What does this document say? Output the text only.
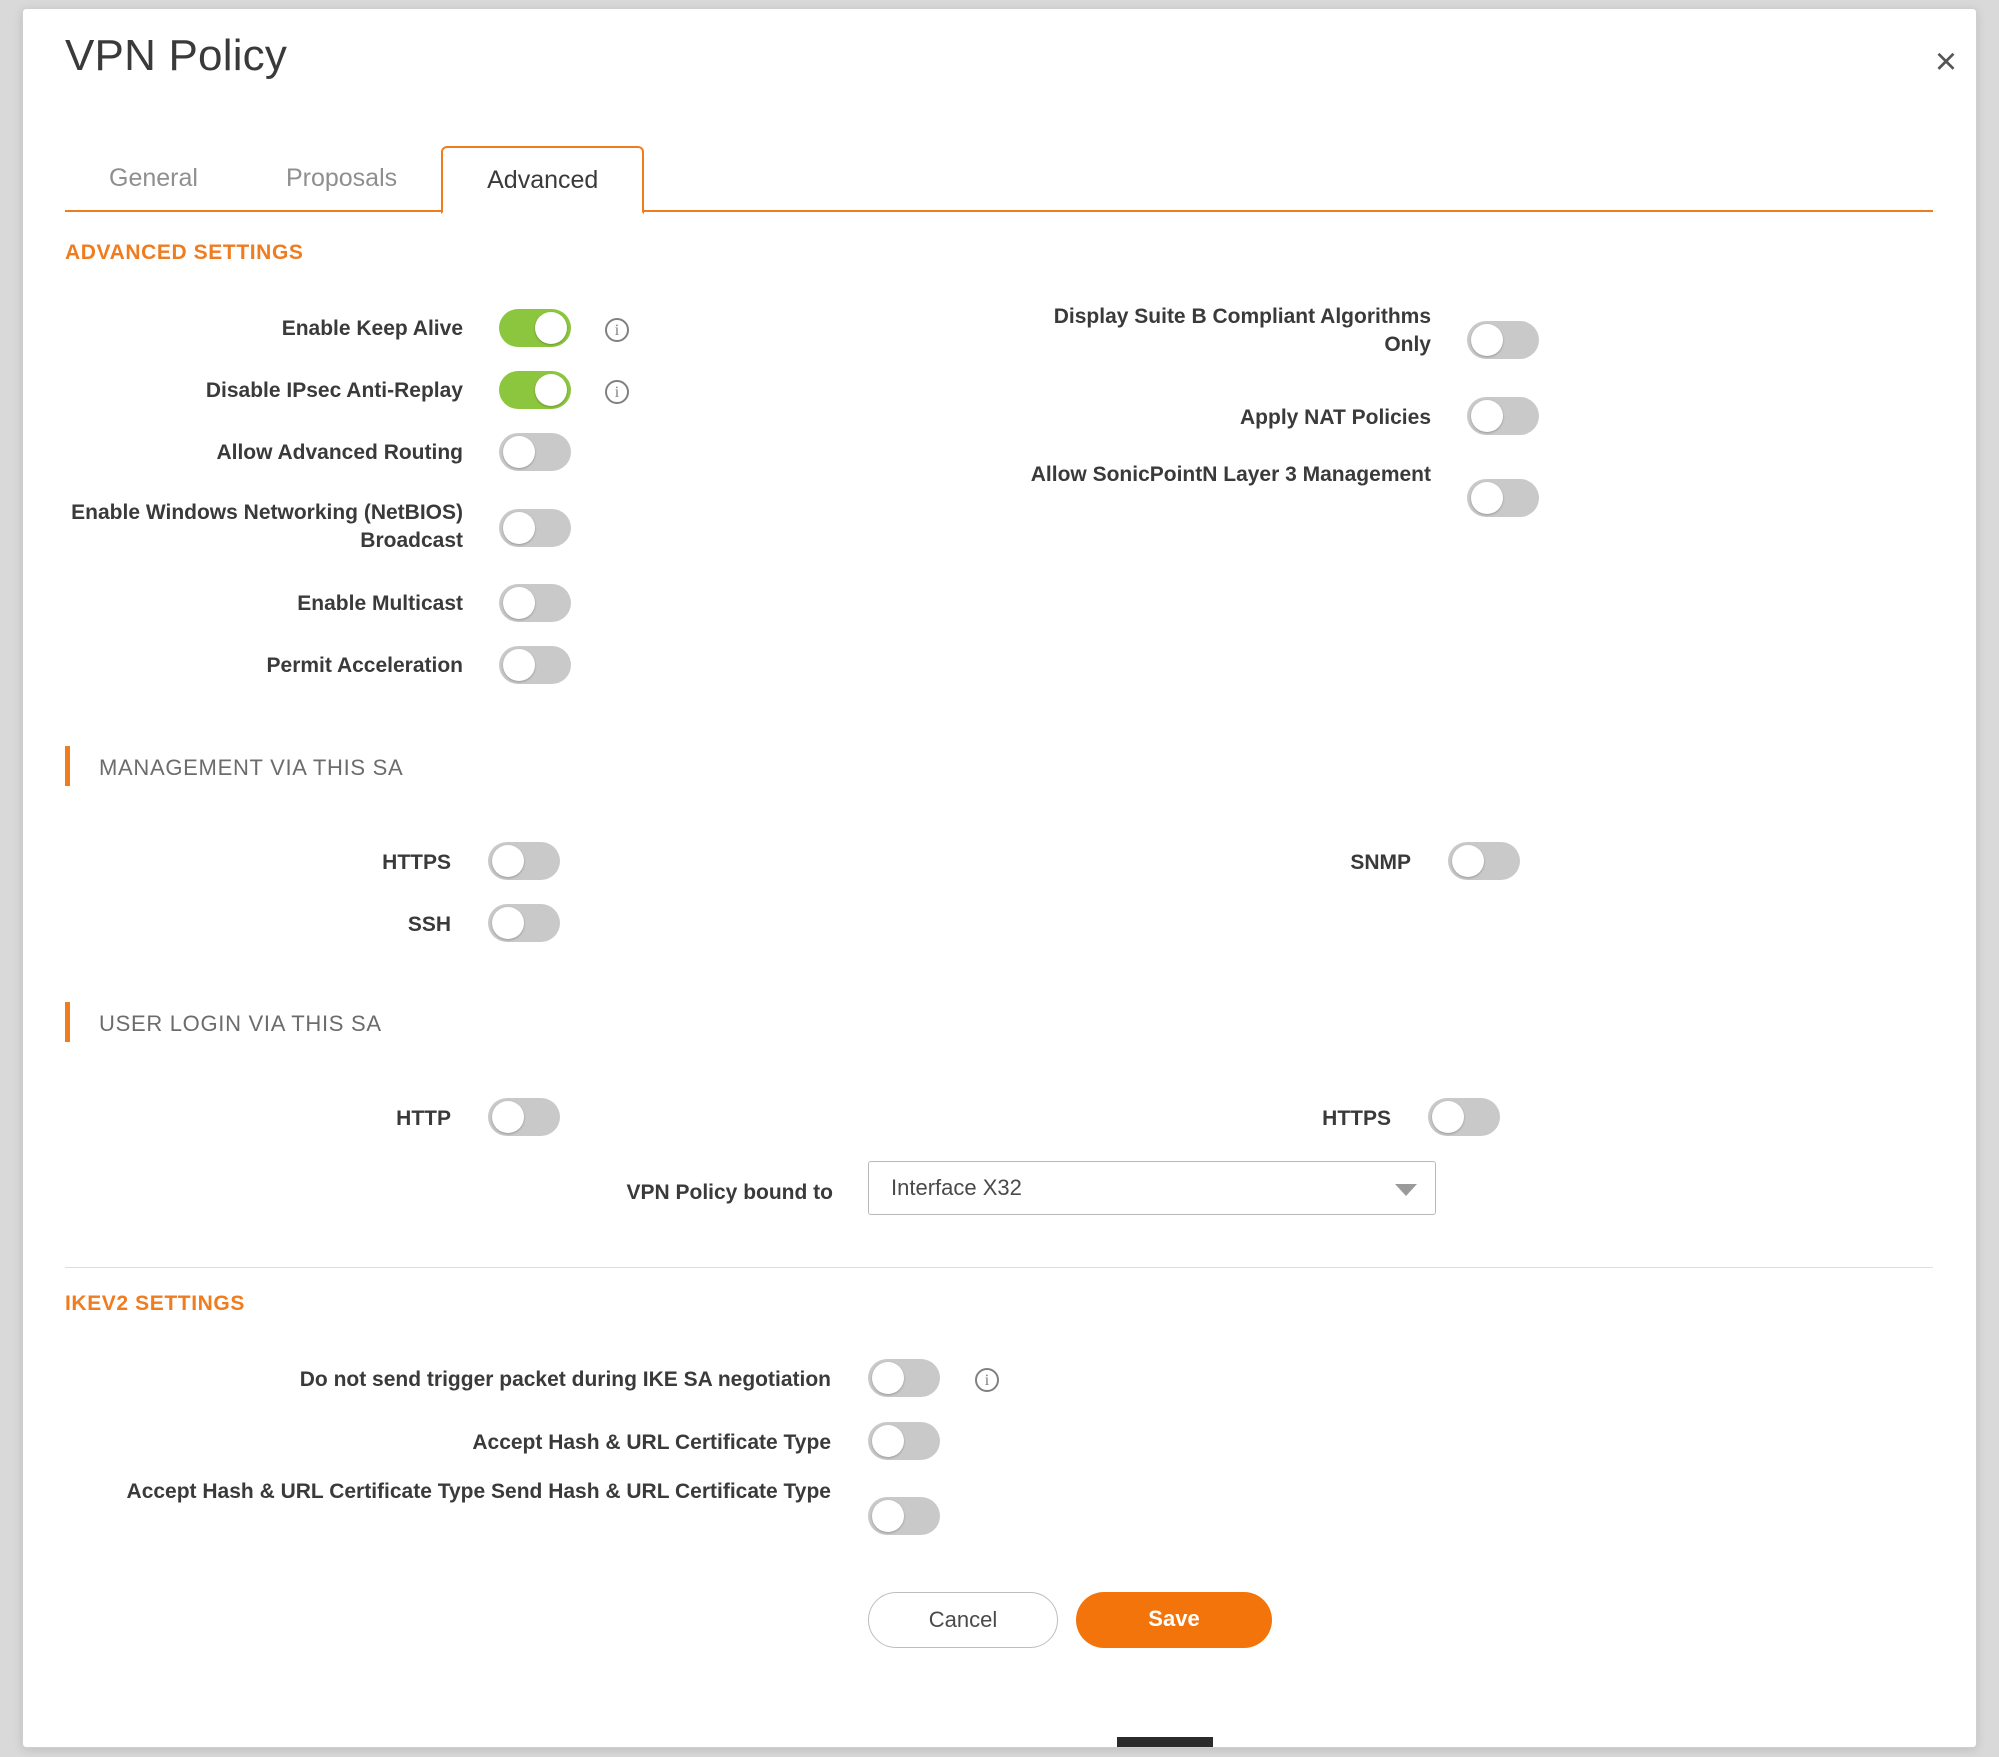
VPN Policy	×
General	Proposals	Advanced
ADVANCED SETTINGS
Enable Keep Alive	i
Disable IPsec Anti-Replay	i
Allow Advanced Routing
Enable Windows Networking (NetBIOS) Broadcast
Enable Multicast
Permit Acceleration
Display Suite B Compliant Algorithms Only
Apply NAT Policies
Allow SonicPointN Layer 3 Management
MANAGEMENT VIA THIS SA
HTTPS
SSH
SNMP
USER LOGIN VIA THIS SA
HTTP	HTTPS
VPN Policy bound to	Interface X32
IKEV2 SETTINGS
Do not send trigger packet during IKE SA negotiation	i
Accept Hash & URL Certificate Type
Accept Hash & URL Certificate Type Send Hash & URL Certificate Type
Cancel	Save
